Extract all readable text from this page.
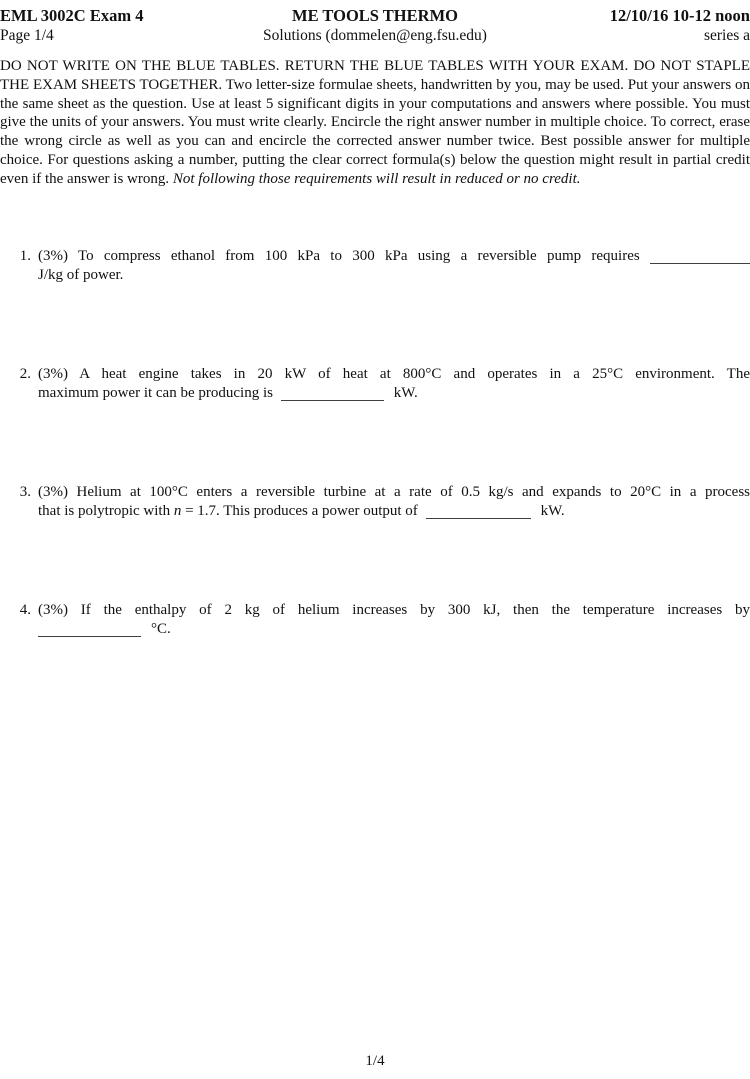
EML 3002C Exam 4
Page 1/4
ME TOOLS THERMO
Solutions (dommelen@eng.fsu.edu)
12/10/16 10-12 noon
series a
DO NOT WRITE ON THE BLUE TABLES. RETURN THE BLUE TABLES WITH YOUR EXAM. DO NOT STAPLE THE EXAM SHEETS TOGETHER. Two letter-size formulae sheets, handwritten by you, may be used. Put your answers on the same sheet as the question. Use at least 5 significant digits in your computations and answers where possible. You must give the units of your answers. You must write clearly. Encircle the right answer number in multiple choice. To correct, erase the wrong circle as well as you can and encircle the corrected answer number twice. Best possible answer for multiple choice. For questions asking a number, putting the clear correct formula(s) below the question might result in partial credit even if the answer is wrong. Not following those requirements will result in reduced or no credit.
1. (3%) To compress ethanol from 100 kPa to 300 kPa using a reversible pump requires
J/kg of power.
2. (3%) A heat engine takes in 20 kW of heat at 800°C and operates in a 25°C environment. The
maximum power it can be producing is	kW.
3. (3%) Helium at 100°C enters a reversible turbine at a rate of 0.5 kg/s and expands to 20°C in a process
that is polytropic with n = 1.7. This produces a power output of	kW.
4. (3%) If the enthalpy of 2 kg of helium increases by 300 kJ, then the temperature increases by
°C.
1/4
